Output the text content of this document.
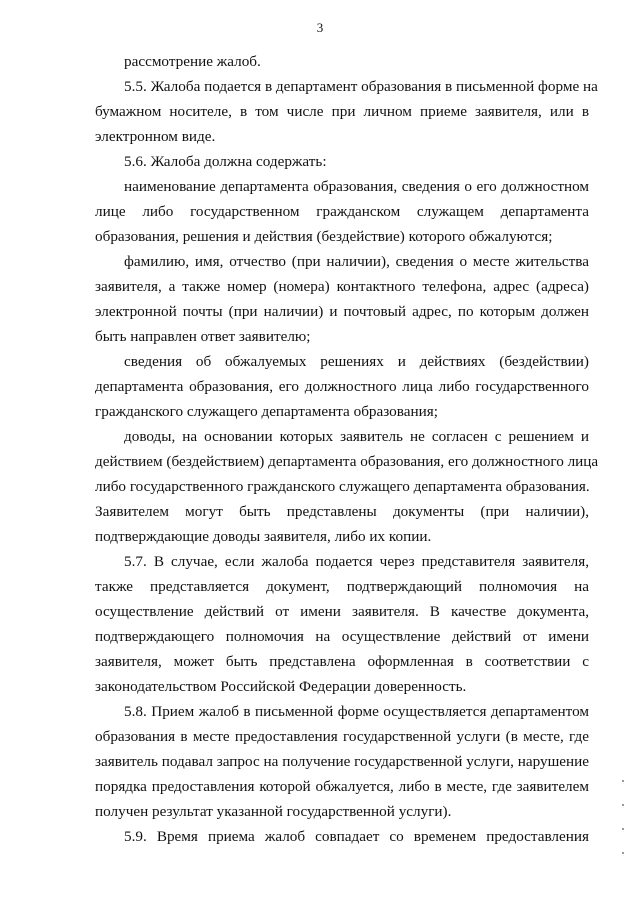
3
рассмотрение жалоб.
5.5. Жалоба подается в департамент образования в письменной форме на
бумажном носителе, в том числе при личном приеме заявителя, или в
электронном виде.
5.6. Жалоба должна содержать:
наименование департамента образования, сведения о его должностном
лице либо государственном гражданском служащем департамента
образования, решения и действия (бездействие) которого обжалуются;
фамилию, имя, отчество (при наличии), сведения о месте жительства
заявителя, а также номер (номера) контактного телефона, адрес (адреса)
электронной почты (при наличии) и почтовый адрес, по которым должен
быть направлен ответ заявителю;
сведения об обжалуемых решениях и действиях (бездействии)
департамента образования, его должностного лица либо государственного
гражданского служащего департамента образования;
доводы, на основании которых заявитель не согласен с решением и
действием (бездействием) департамента образования, его должностного лица
либо государственного гражданского служащего департамента образования.
Заявителем могут быть представлены документы (при наличии),
подтверждающие доводы заявителя, либо их копии.
5.7. В случае, если жалоба подается через представителя заявителя,
также представляется документ, подтверждающий полномочия на
осуществление действий от имени заявителя. В качестве документа,
подтверждающего полномочия на осуществление действий от имени
заявителя, может быть представлена оформленная в соответствии с
законодательством Российской Федерации доверенность.
5.8. Прием жалоб в письменной форме осуществляется департаментом
образования в месте предоставления государственной услуги (в месте, где
заявитель подавал запрос на получение государственной услуги, нарушение
порядка предоставления которой обжалуется, либо в месте, где заявителем
получен результат указанной государственной услуги).
5.9. Время приема жалоб совпадает со временем предоставления
